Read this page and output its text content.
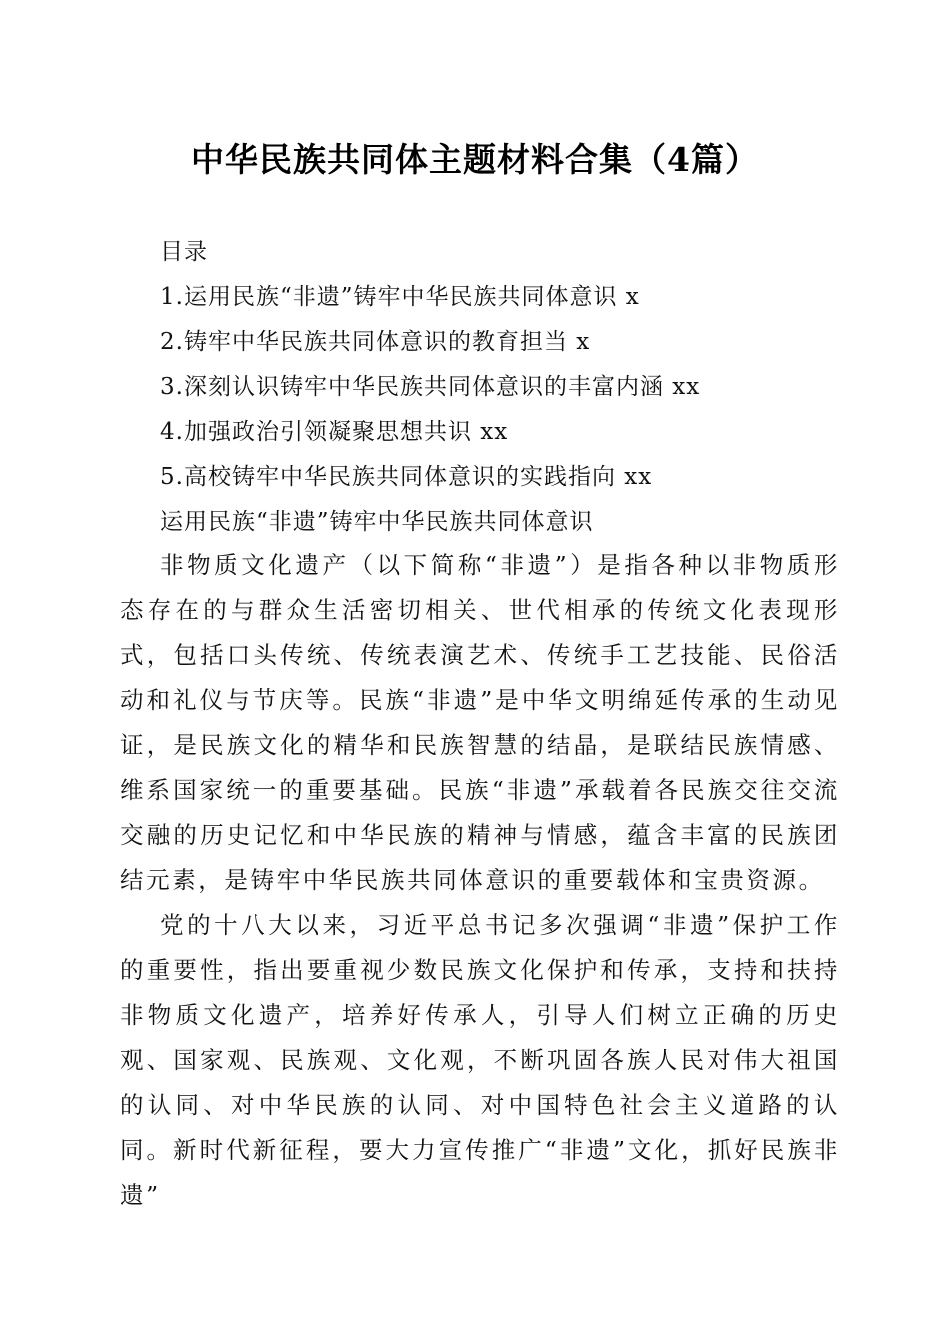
中华民族共同体主题材料合集（4篇）
目录
1.运用民族“非遗”铸牢中华民族共同体意识 x
2.铸牢中华民族共同体意识的教育担当 x
3.深刻认识铸牢中华民族共同体意识的丰富内涵 xx
4.加强政治引领凝聚思想共识 xx
5.高校铸牢中华民族共同体意识的实践指向 xx
运用民族“非遗”铸牢中华民族共同体意识

非物质文化遗产（以下简称“非遗”）是指各种以非物质形态存在的与群众生活密切相关、世代相承的传统文化表现形式，包括口头传统、传统表演艺术、传统手工艺技能、民俗活动和礼仪与节庆等。民族“非遗”是中华文明绵延传承的生动见证，是民族文化的精华和民族智慧的结晶，是联结民族情感、维系国家统一的重要基础。民族“非遗”承载着各民族交往交流交融的历史记忆和中华民族的精神与情感，蕴含丰富的民族团结元素，是铸牢中华民族共同体意识的重要载体和宝贵资源。

党的十八大以来，习近平总书记多次强调“非遗”保护工作的重要性，指出要重视少数民族文化保护和传承，支持和扶持非物质文化遗产，培养好传承人，引导人们树立正确的历史观、国家观、民族观、文化观，不断巩固各族人民对伟大祖国的认同、对中华民族的认同、对中国特色社会主义道路的认同。新时代新征程，要大力宣传推广“非遗”文化，抓好民族非遗”
